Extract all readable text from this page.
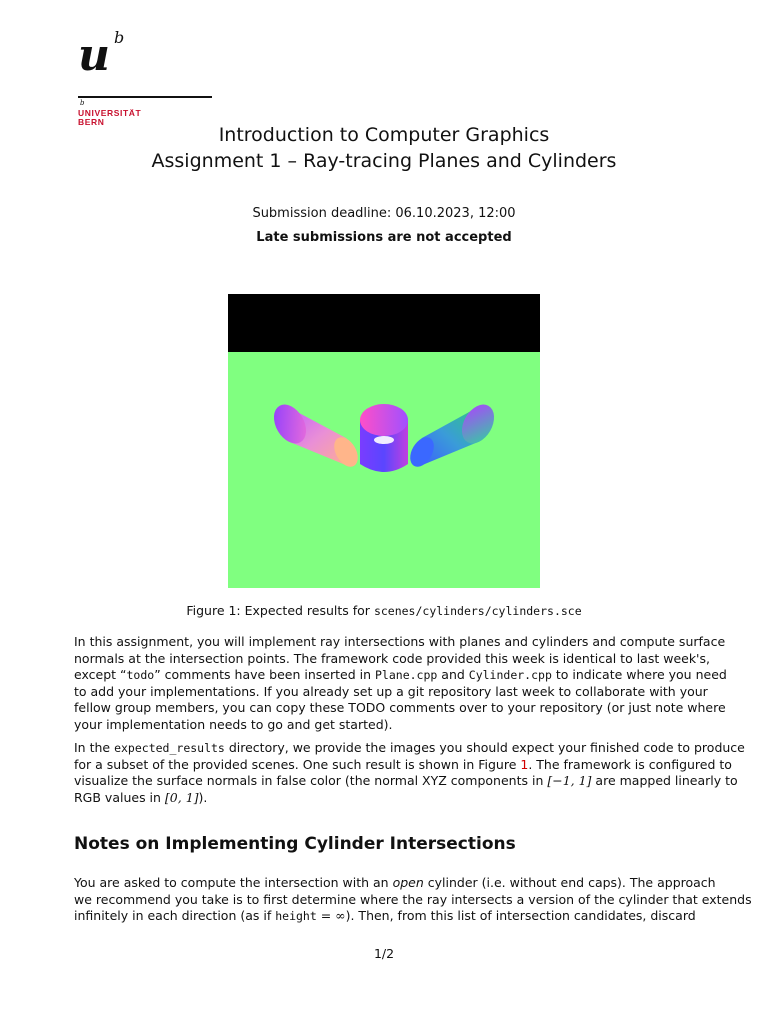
u b
b
UNIVERSITÄT
BERN
Introduction to Computer Graphics
Assignment 1 – Ray-tracing Planes and Cylinders
Submission deadline: 06.10.2023, 12:00
Late submissions are not accepted
Figure 1: Expected results for scenes/cylinders/cylinders.sce
In this assignment, you will implement ray intersections with planes and cylinders and compute surface
normals at the intersection points. The framework code provided this week is identical to last week's,
except “todo” comments have been inserted in Plane.cpp and Cylinder.cpp to indicate where you need
to add your implementations. If you already set up a git repository last week to collaborate with your
fellow group members, you can copy these TODO comments over to your repository (or just note where
your implementation needs to go and get started).
In the expected_results directory, we provide the images you should expect your finished code to produce
for a subset of the provided scenes. One such result is shown in Figure 1. The framework is configured to
visualize the surface normals in false color (the normal XYZ components in [−1, 1] are mapped linearly to
RGB values in [0, 1]).
Notes on Implementing Cylinder Intersections
You are asked to compute the intersection with an open cylinder (i.e. without end caps). The approach
we recommend you take is to first determine where the ray intersects a version of the cylinder that extends
infinitely in each direction (as if height = ∞). Then, from this list of intersection candidates, discard
1/2
